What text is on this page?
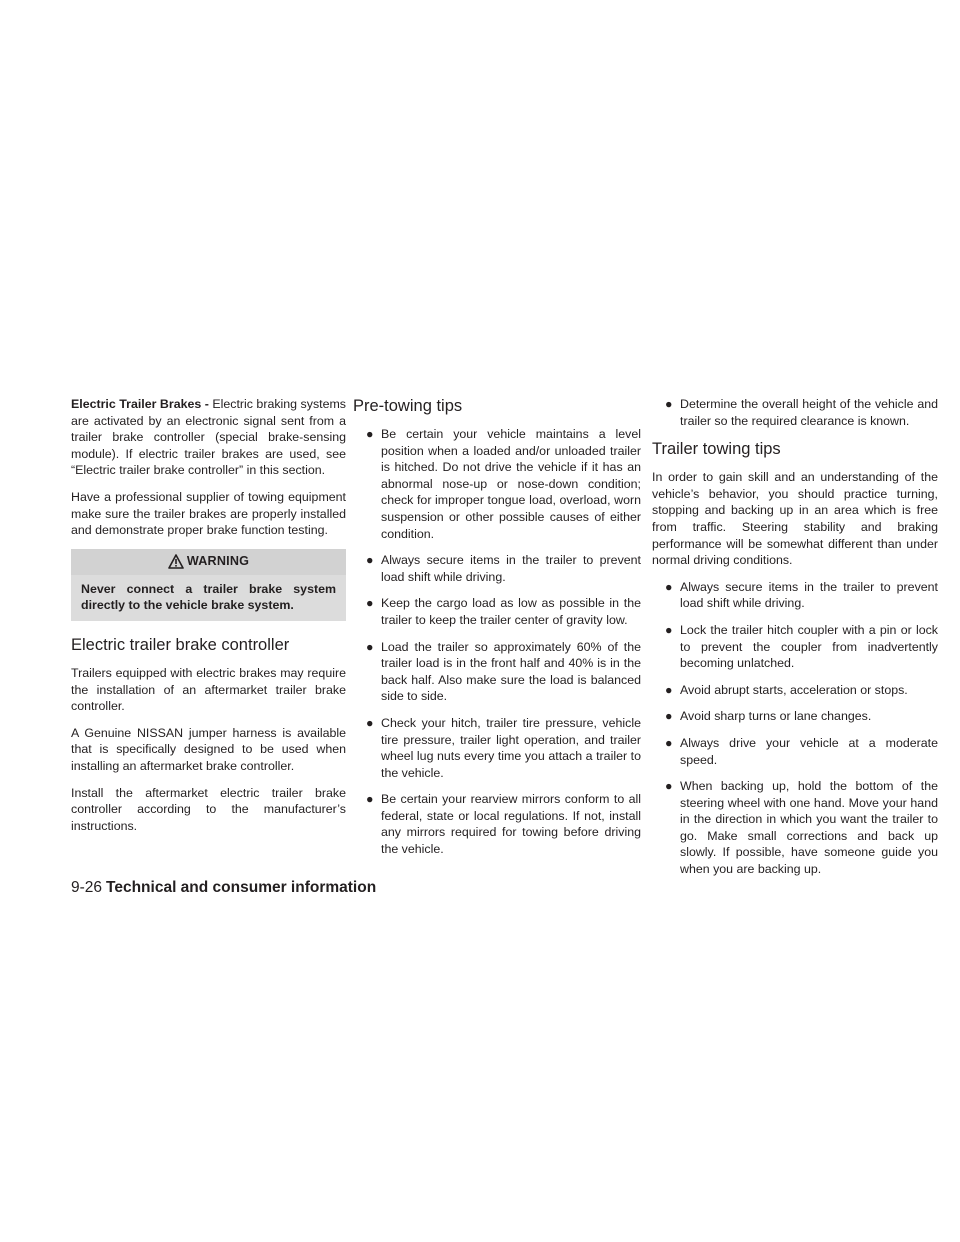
Electric Trailer Brakes - Electric braking systems are activated by an electronic signal sent from a trailer brake controller (special brake-sensing module). If electric trailer brakes are used, see “Electric trailer brake controller” in this section.

Have a professional supplier of towing equipment make sure the trailer brakes are properly installed and demonstrate proper brake function testing.

WARNING
Never connect a trailer brake system directly to the vehicle brake system.
Electric trailer brake controller

Trailers equipped with electric brakes may require the installation of an aftermarket trailer brake controller.

A Genuine NISSAN jumper harness is available that is specifically designed to be used when installing an aftermarket brake controller.

Install the aftermarket electric trailer brake controller according to the manufacturer’s instructions.

Pre-towing tips
● Be certain your vehicle maintains a level position when a loaded and/or unloaded trailer is hitched. Do not drive the vehicle if it has an abnormal nose-up or nose-down condition; check for improper tongue load, overload, worn suspension or other possible causes of either condition.
● Always secure items in the trailer to prevent load shift while driving.
● Keep the cargo load as low as possible in the trailer to keep the trailer center of gravity low.
● Load the trailer so approximately 60% of the trailer load is in the front half and 40% is in the back half. Also make sure the load is balanced side to side.
● Check your hitch, trailer tire pressure, vehicle tire pressure, trailer light operation, and trailer wheel lug nuts every time you attach a trailer to the vehicle.
● Be certain your rearview mirrors conform to all federal, state or local regulations. If not, install any mirrors required for towing before driving the vehicle.
● Determine the overall height of the vehicle and trailer so the required clearance is known.
Trailer towing tips

In order to gain skill and an understanding of the vehicle’s behavior, you should practice turning, stopping and backing up in an area which is free from traffic. Steering stability and braking performance will be somewhat different than under normal driving conditions.

● Always secure items in the trailer to prevent load shift while driving.
● Lock the trailer hitch coupler with a pin or lock to prevent the coupler from inadvertently becoming unlatched.
● Avoid abrupt starts, acceleration or stops.
● Avoid sharp turns or lane changes.
● Always drive your vehicle at a moderate speed.
● When backing up, hold the bottom of the steering wheel with one hand. Move your hand in the direction in which you want the trailer to go. Make small corrections and back up slowly. If possible, have someone guide you when you are backing up.
9-26 Technical and consumer information
